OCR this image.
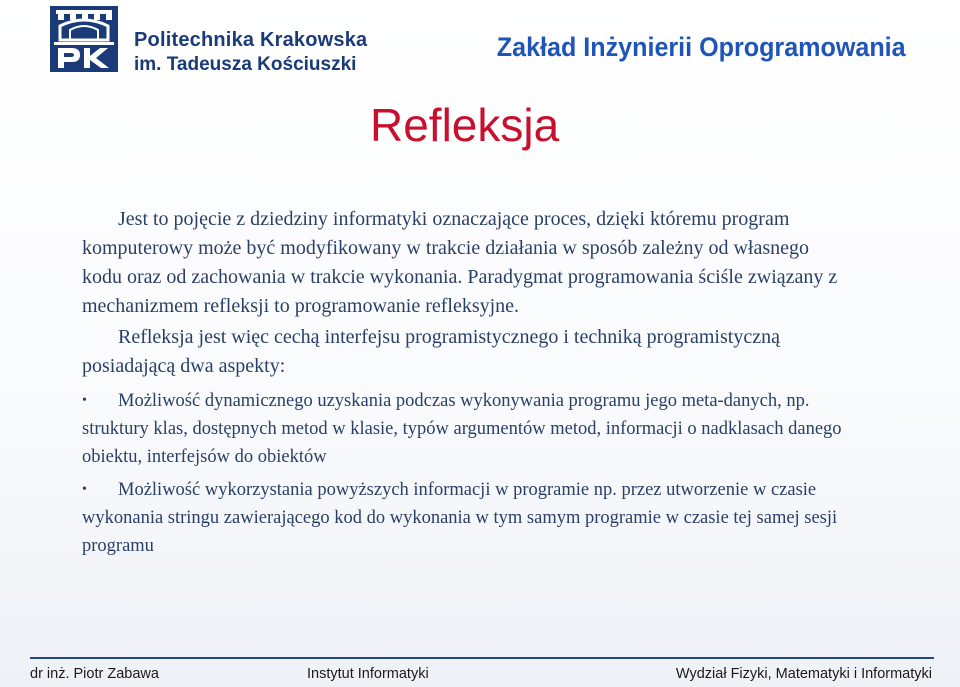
Politechnika Krakowska
im. Tadeusza Kościuszki
Zakład Inżynierii Oprogramowania
Refleksja

Jest to pojęcie z dziedziny informatyki oznaczające proces, dzięki któremu program komputerowy może być modyfikowany w trakcie działania w sposób zależny od własnego kodu oraz od zachowania w trakcie wykonania. Paradygmat programowania ściśle związany z mechanizmem refleksji to programowanie refleksyjne.

Refleksja jest więc cechą interfejsu programistycznego i techniką programistyczną posiadającą dwa aspekty:

• Możliwość dynamicznego uzyskania podczas wykonywania programu jego meta-danych, np. struktury klas, dostępnych metod w klasie, typów argumentów metod, informacji o nadklasach danego obiektu, interfejsów do obiektów
• Możliwość wykorzystania powyższych informacji w programie np. przez utworzenie w czasie wykonania stringu zawierającego kod do wykonania w tym samym programie w czasie tej samej sesji programu
dr inż. Piotr Zabawa	Instytut Informatyki	Wydział Fizyki, Matematyki i Informatyki
